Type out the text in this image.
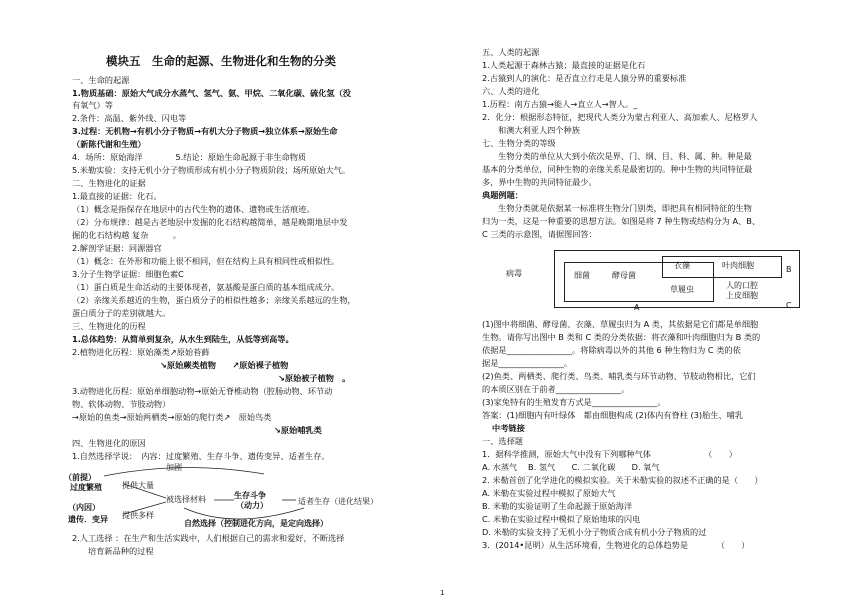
模块五　生命的起源、生物进化和生物的分类
一、生命的起源
1.物质基础：原始大气成分水蒸气、氢气、氨、甲烷、二氧化碳、硫化氢（没
有氧气）等
2.条件：高温、紫外线、闪电等
3.过程：无机物→有机小分子物质→有机大分子物质→独立体系→原始生命
（新陈代谢和生殖）
4．场所：原始海洋　　　　5.结论：原始生命起源于非生命物质
5.米勒实验：支持无机小分子物质形成有机小分子物质阶段；场所原始大气。
二、生物进化的证据
1.最直接的证据：化石。
（1）概念是指保存在地层中的古代生物的遗体、遗物或生活痕迹。
（2）分布规律：越是古老地层中发掘的化石结构越简单，越是晚期地层中发
掘的化石结构越 复杂　　　。
2.解剖学证据：同源器官
（1）概念：在外形和功能上很不相同，但在结构上具有相同性或相似性。
3.分子生物学证据：细胞色素C
（1）蛋白质是生命活动的主要体现者，氨基酸是蛋白质的基本组成成分。
（2）亲缘关系越近的生物，蛋白质分子的相似性越多；亲缘关系越远的生物，
蛋白质分子的差别就越大。
三、生物进化的历程
1.总体趋势：从简单到复杂，从水生到陆生，从低等到高等。
2.植物进化历程：原始藻类↗原始苔藓
↘原始蕨类植物　　↗原始裸子植物
↘原始被子植物　。
3.动物进化历程：原始单细胞动物→原始无脊椎动物（腔肠动物、环节动
物、软体动物、节肢动物）
→原始的鱼类→原始两栖类→原始的爬行类↗　原始鸟类
↘原始哺乳类
四、生物进化的原因
1.自然选择学说：　内容：过度繁殖、生存斗争、遗传变异、适者生存。
加剧
（前提）
过度繁殖	提供大量
被选择材料	生存斗争
（动力）	适者生存（进化结果）
（内因）
遗传．变异 提供多样
自然选择（控制进化方向，是定向选择）
2.人工选择 ：在生产和生活实践中，人们根据自己的需求和爱好，不断选择
培育新品种的过程
五、人类的起源
1.人类起源于森林古猿；最直接的证据是化石
2.古猿到人的演化：是否直立行走是人猿分界的重要标准
六、人类的进化
1.历程：南方古猿→能人→直立人→智人。_
2．化分：根据形态特征，把现代人类分为蒙古利亚人、高加索人、尼格罗人
和澳大利亚人四个种族
七、生物分类的等级
生物分类的单位从大到小依次是界、门、纲、目、科、属、种。种是最
基本的分类单位，同种生物的亲缘关系是最密切的。种中生物的共同特征最
多，界中生物的共同特征最少。
典题例题：
生物分类就是依据某一标准将生物分门别类，即把具有相同特征的生物
归为一类，这是一种重要的思想方法。如图是将 7 种生物或结构分为 A、B、
C 三类的示意图，请据图回答：
病毒	细菌	酵母菌
衣藻	叶肉细胞
草履虫	人的口腔
上皮细胞
A
B
C
(1)图中将细菌、酵母菌、衣藻、草履虫归为 A 类，其依据是它们都是单细胞
生物。请你写出图中 B 类和 C 类的分类依据：将衣藻和叶肉细胞归为 B 类的
依据是________________。将除病毒以外的其他 6 种生物归为 C 类的依
据是________________。
(2)鱼类、两栖类、爬行类、鸟类、哺乳类与环节动物、节肢动物相比，它们
的本质区别在于前者________________。
(3)家兔特有的生殖发育方式是________________。
答案：(1)细胞内有叶绿体　都由细胞构成 (2)体内有脊柱 (3)胎生、哺乳
中考链接
一、选择题
1．据科学推测，原始大气中没有下列哪种气体　　　　　　　（　　）
A. 水蒸气　 B. 氢气　　C. 二氧化碳　　D. 氧气
2. 米勒首创了化学进化的模拟实验。关于米勒实验的叙述不正确的是（　　）
A. 米勒在实验过程中模拟了原始大气
B. 米勒的实验证明了生命起源于原始海洋
C. 米勒在实验过程中模拟了原始地球的闪电
D. 米勒的实验支持了无机小分子物质合成有机小分子物质的过
3．(2014•昆明）从生活环境看，生物进化的总体趋势是　　　　（　　）
1
